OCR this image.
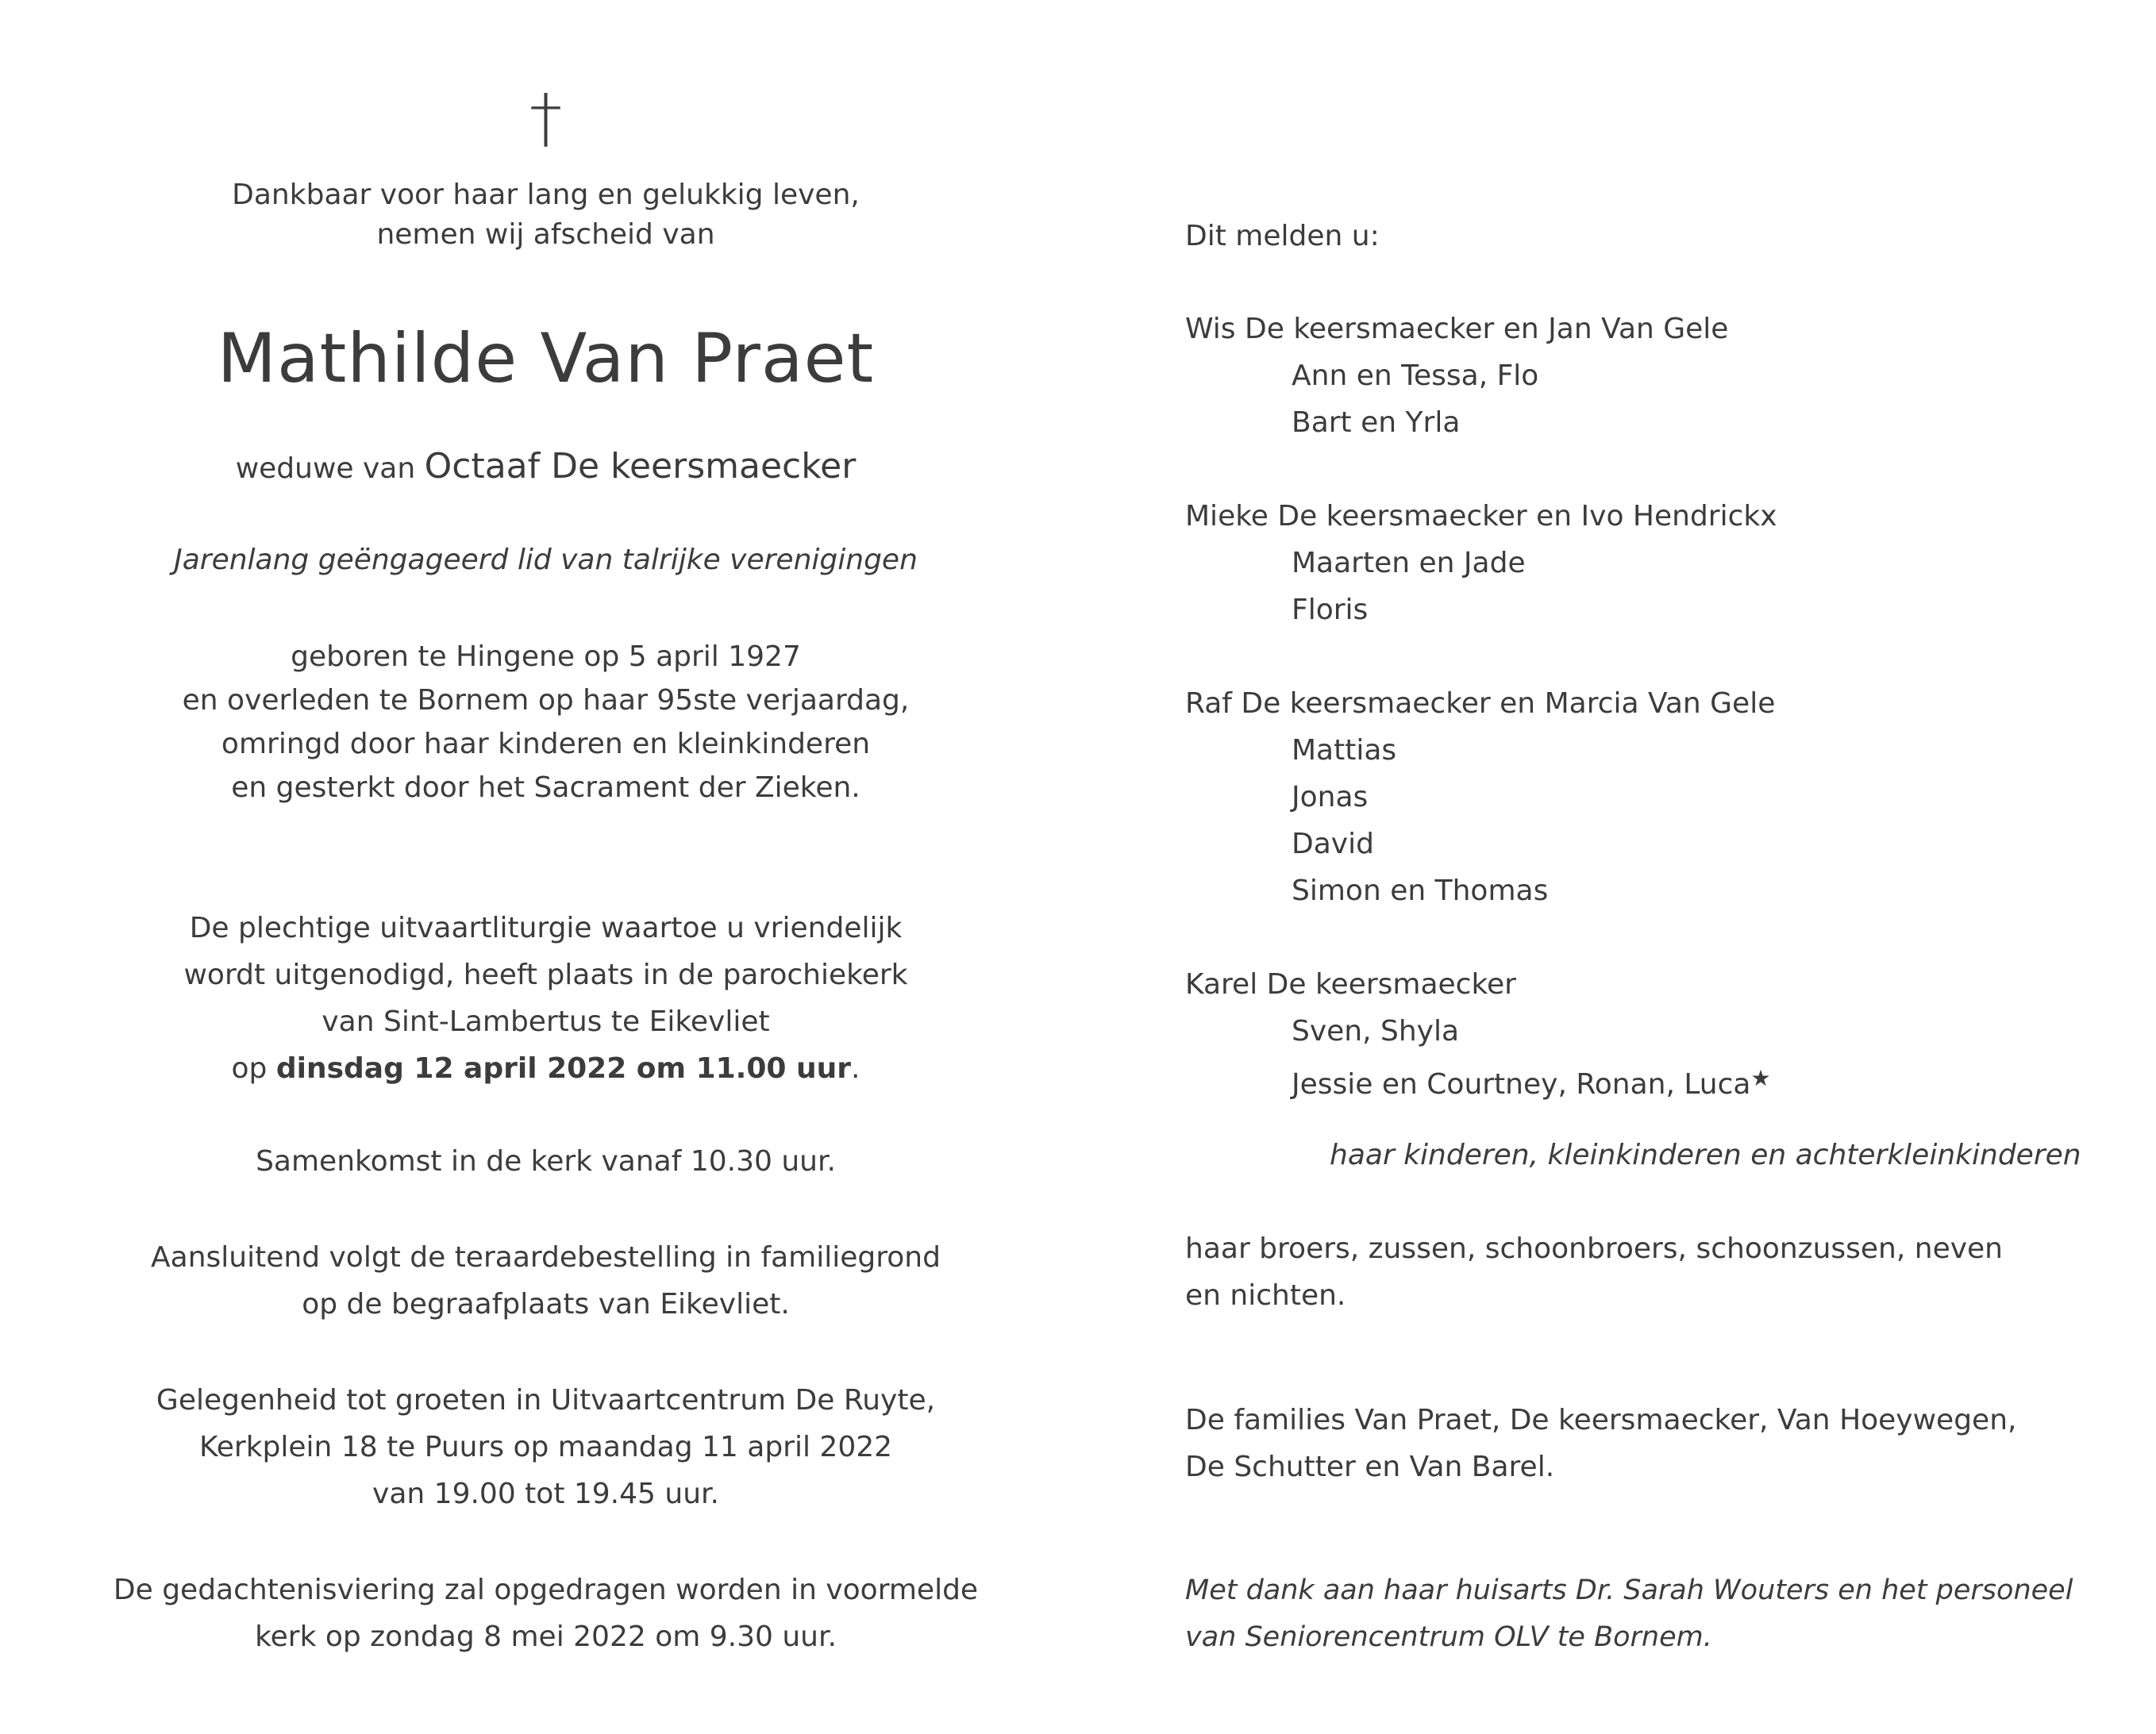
†
Dankbaar voor haar lang en gelukkig leven,
nemen wij afscheid van
Mathilde Van Praet
weduwe van Octaaf De keersmaecker
Jarenlang geëngageerd lid van talrijke verenigingen
geboren te Hingene op 5 april 1927
en overleden te Bornem op haar 95ste verjaardag,
omringd door haar kinderen en kleinkinderen
en gesterkt door het Sacrament der Zieken.
De plechtige uitvaartliturgie waartoe u vriendelijk
wordt uitgenodigd, heeft plaats in de parochiekerk
van Sint-Lambertus te Eikevliet
op dinsdag 12 april 2022 om 11.00 uur.
Samenkomst in de kerk vanaf 10.30 uur.
Aansluitend volgt de teraardebestelling in familiegrond
op de begraafplaats van Eikevliet.
Gelegenheid tot groeten in Uitvaartcentrum De Ruyte,
Kerkplein 18 te Puurs op maandag 11 april 2022
van 19.00 tot 19.45 uur.
De gedachtenisviering zal opgedragen worden in voormelde
kerk op zondag 8 mei 2022 om 9.30 uur.
Dit melden u:
Wis De keersmaecker en Jan Van Gele
Ann en Tessa, Flo
Bart en Yrla
Mieke De keersmaecker en Ivo Hendrickx
Maarten en Jade
Floris
Raf De keersmaecker en Marcia Van Gele
Mattias
Jonas
David
Simon en Thomas
Karel De keersmaecker
Sven, Shyla
Jessie en Courtney, Ronan, Luca★
haar kinderen, kleinkinderen en achterkleinkinderen
haar broers, zussen, schoonbroers, schoonzussen, neven
en nichten.
De families Van Praet, De keersmaecker, Van Hoeywegen,
De Schutter en Van Barel.
Met dank aan haar huisarts Dr. Sarah Wouters en het personeel
van Seniorencentrum OLV te Bornem.
